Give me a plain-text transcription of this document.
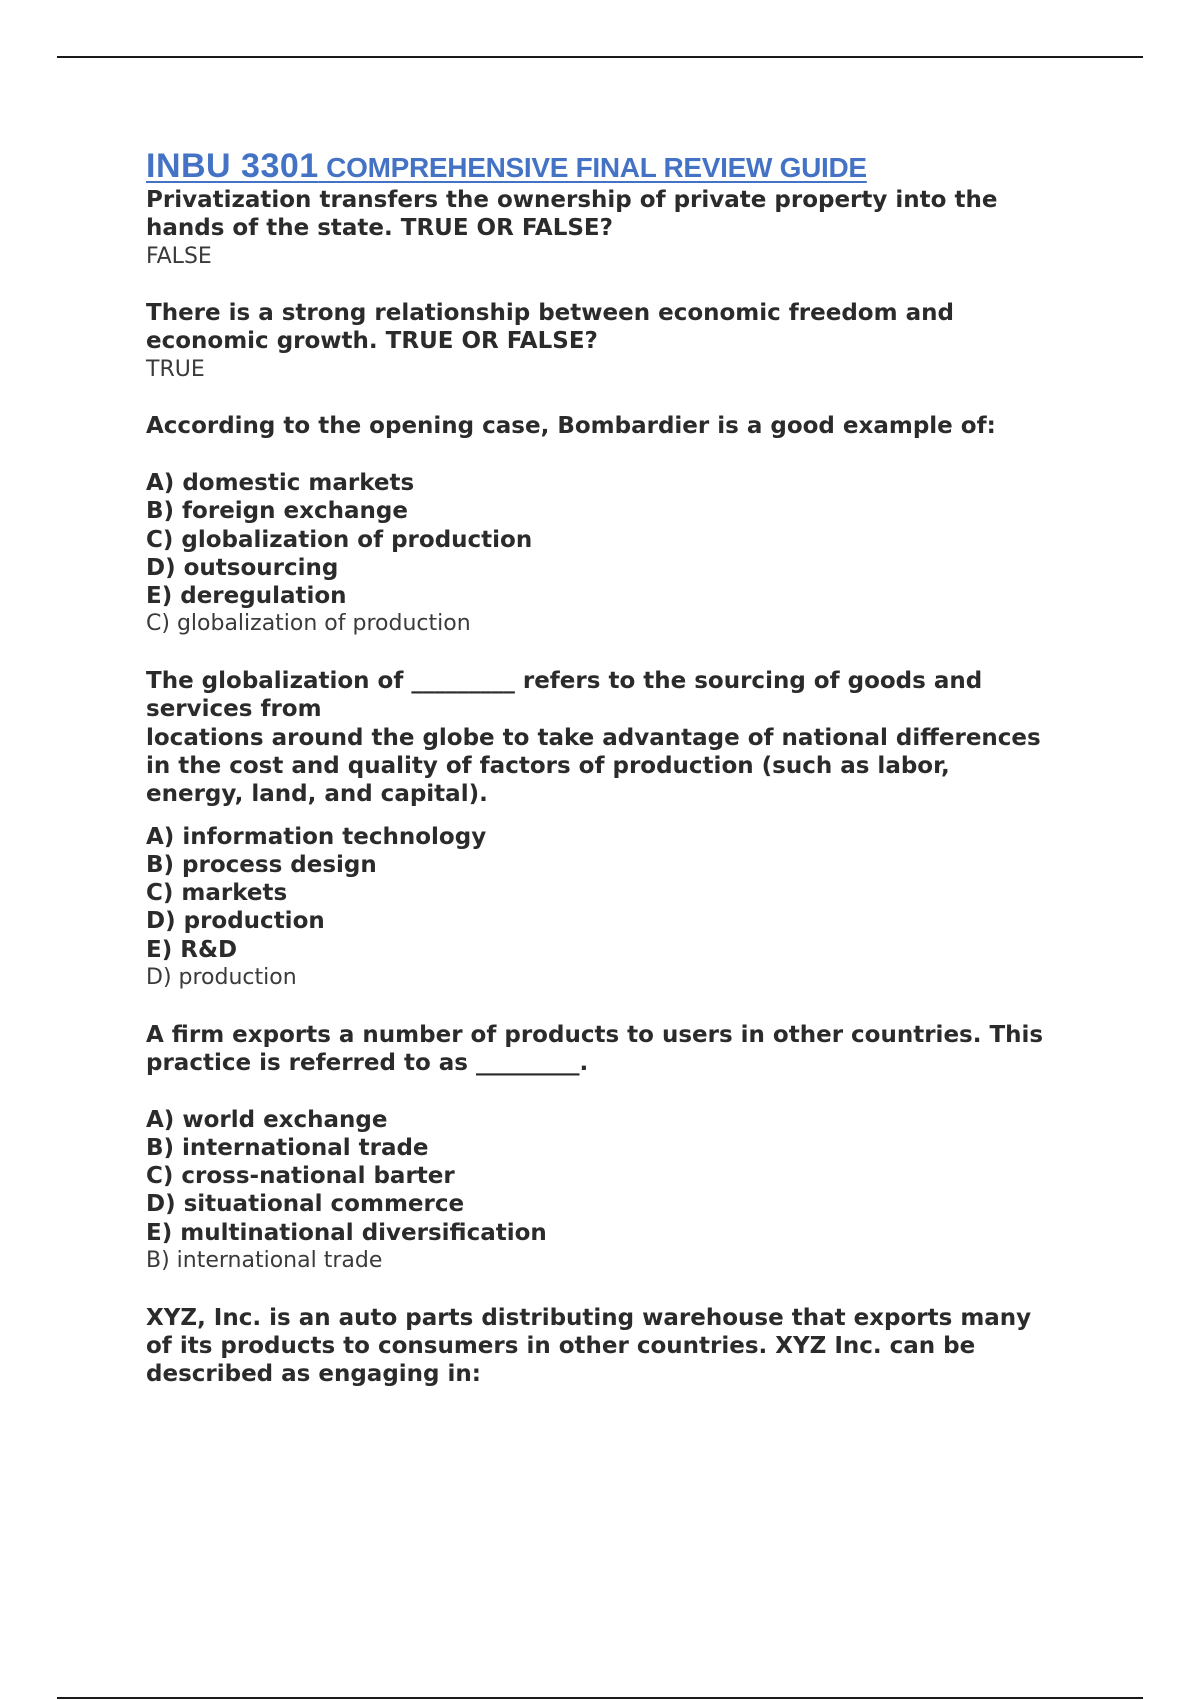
INBU 3301 COMPREHENSIVE FINAL REVIEW GUIDE

Privatization transfers the ownership of private property into the
hands of the state. TRUE OR FALSE?

FALSE

There is a strong relationship between economic freedom and
economic growth. TRUE OR FALSE?

TRUE

According to the opening case, Bombardier is a good example of:

A) domestic markets
B) foreign exchange
C) globalization of production
D) outsourcing
E) deregulation

C) globalization of production

The globalization of _________ refers to the sourcing of goods and
services from
locations around the globe to take advantage of national differences
in the cost and quality of factors of production (such as labor,
energy, land, and capital).

A) information technology
B) process design
C) markets
D) production
E) R&D

D) production

A firm exports a number of products to users in other countries. This
practice is referred to as _________.

A) world exchange
B) international trade
C) cross-national barter
D) situational commerce
E) multinational diversification

B) international trade

XYZ, Inc. is an auto parts distributing warehouse that exports many
of its products to consumers in other countries. XYZ Inc. can be
described as engaging in:
